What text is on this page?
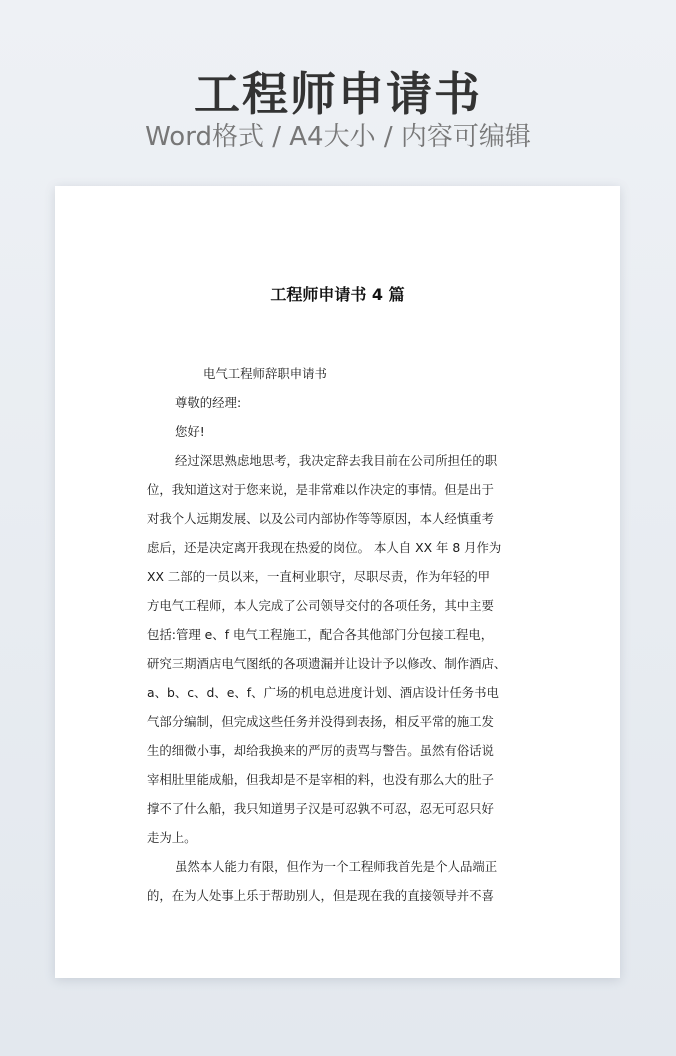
工程师申请书
Word格式 / A4大小 / 内容可编辑
工程师申请书 4 篇

电气工程师辞职申请书

尊敬的经理:

您好!

经过深思熟虑地思考，我决定辞去我目前在公司所担任的职

位，我知道这对于您来说，是非常难以作决定的事情。但是出于

对我个人远期发展、以及公司内部协作等等原因，本人经慎重考

虑后，还是决定离开我现在热爱的岗位。 本人自 XX 年 8 月作为

XX 二部的一员以来，一直柯业职守，尽职尽责，作为年轻的甲

方电气工程师，本人完成了公司领导交付的各项任务，其中主要

包括:管理 e、f 电气工程施工，配合各其他部门分包接工程电，

研究三期酒店电气图纸的各项遗漏并让设计予以修改、制作酒店、

a、b、c、d、e、f、广场的机电总进度计划、酒店设计任务书电

气部分编制，但完成这些任务并没得到表扬，相反平常的施工发

生的细微小事，却给我换来的严厉的责骂与警告。虽然有俗话说

宰相肚里能成船，但我却是不是宰相的料，也没有那么大的肚子

撑不了什么船，我只知道男子汉是可忍孰不可忍，忍无可忍只好

走为上。

虽然本人能力有限，但作为一个工程师我首先是个人品端正

的，在为人处事上乐于帮助别人，但是现在我的直接领导并不喜
